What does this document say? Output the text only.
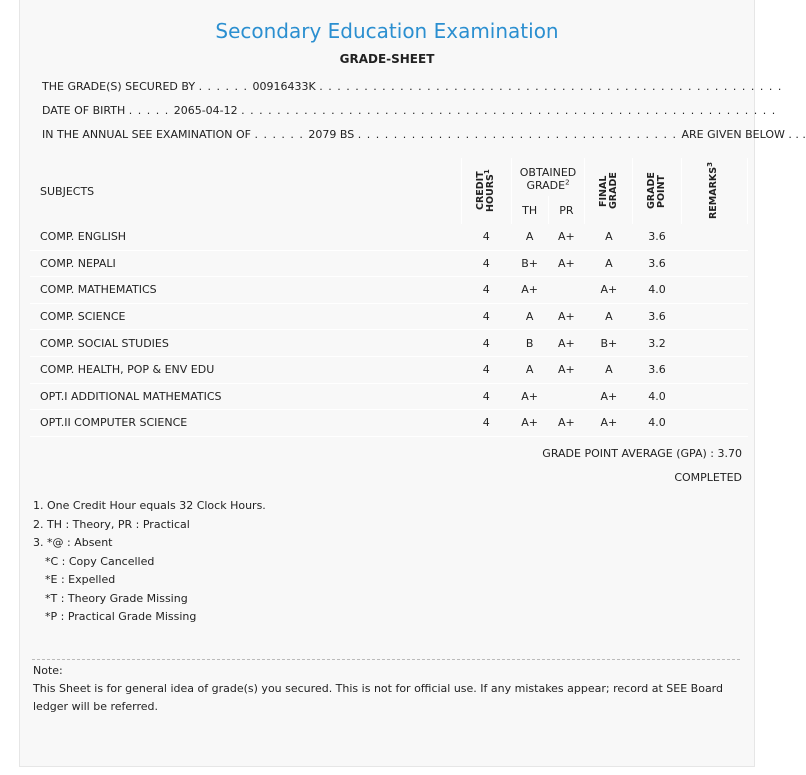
Secondary Education Examination
GRADE-SHEET
THE GRADE(S) SECURED BY . . . . . . 00916433K . . . . . . . . . . . . . . . . . . . . . . . . . . . . . . . . . . . . . . . . . . . . . . . . . . . .
DATE OF BIRTH . . . . . 2065-04-12 . . . . . . . . . . . . . . . . . . . . . . . . . . . . . . . . . . . . . . . . . . . . . . . . . . . . . . . . . . . .
IN THE ANNUAL SEE EXAMINATION OF . . . . . . 2079 BS . . . . . . . . . . . . . . . . . . . . . . . . . . . . . . . . . . . . ARE GIVEN BELOW . . .
SUBJECTS	CREDIT HOURS$^1$	OBTAINED GRADE$^2$		FINAL GRADE	GRADE POINT	REMARKS$^3$

		TH	PR			
COMP. ENGLISH	4	A	A+	A	3.6	
COMP. NEPALI	4	B+	A+	A	3.6	
COMP. MATHEMATICS	4	A+		A+	4.0	
COMP. SCIENCE	4	A	A+	A	3.6	
COMP. SOCIAL STUDIES	4	B	A+	B+	3.2	
COMP. HEALTH, POP & ENV EDU	4	A	A+	A	3.6	
OPT.I ADDITIONAL MATHEMATICS	4	A+		A+	4.0	
OPT.II COMPUTER SCIENCE	4	A+	A+	A+	4.0	
GRADE POINT AVERAGE (GPA) : 3.70
COMPLETED
1. One Credit Hour equals 32 Clock Hours.
2. TH : Theory, PR : Practical
3. *@ : Absent
*C : Copy Cancelled
*E : Expelled
*T : Theory Grade Missing
*P : Practical Grade Missing
Note:
This Sheet is for general idea of grade(s) you secured. This is not for official use. If any mistakes appear; record at SEE Board ledger will be referred.
